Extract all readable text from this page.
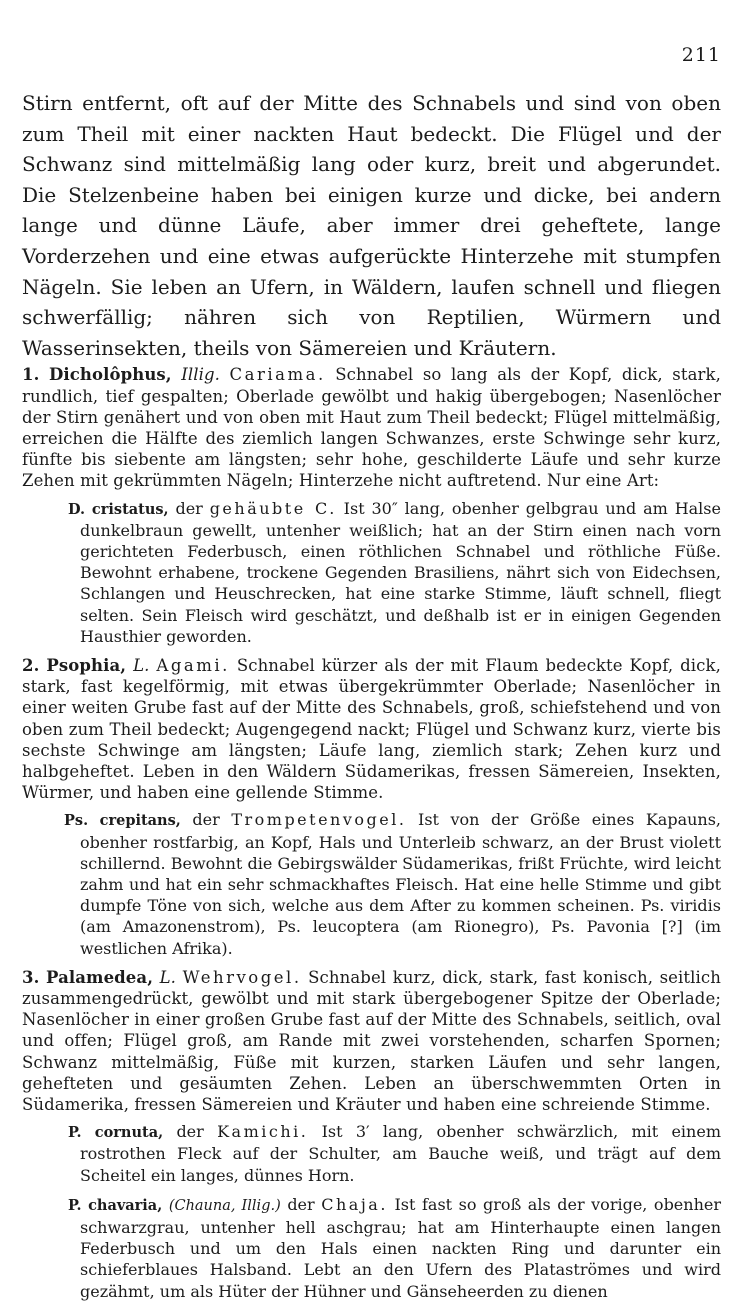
211

Stirn entfernt, oft auf der Mitte des Schnabels und sind von oben zum Theil mit einer nackten Haut bedeckt. Die Flügel und der Schwanz sind mittelmäßig lang oder kurz, breit und abgerundet. Die Stelzenbeine haben bei einigen kurze und dicke, bei andern lange und dünne Läufe, aber immer drei geheftete, lange Vorderzehen und eine etwas aufgerückte Hinterzehe mit stumpfen Nägeln. Sie leben an Ufern, in Wäldern, laufen schnell und fliegen schwerfällig; nähren sich von Reptilien, Würmern und Wasserinsekten, theils von Sämereien und Kräutern.

1. Dicholôphus, Illig. Cariama. Schnabel so lang als der Kopf, dick, stark, rundlich, tief gespalten; Oberlade gewölbt und hakig übergebogen; Nasenlöcher der Stirn genähert und von oben mit Haut zum Theil bedeckt; Flügel mittelmäßig, erreichen die Hälfte des ziemlich langen Schwanzes, erste Schwinge sehr kurz, fünfte bis siebente am längsten; sehr hohe, geschilderte Läufe und sehr kurze Zehen mit gekrümmten Nägeln; Hinterzehe nicht auftretend. Nur eine Art:

D. cristatus, der gehäubte C. Ist 30″ lang, obenher gelbgrau und am Halse dunkelbraun gewellt, untenher weißlich; hat an der Stirn einen nach vorn gerichteten Federbusch, einen röthlichen Schnabel und röthliche Füße. Bewohnt erhabene, trockene Gegenden Brasiliens, nährt sich von Eidechsen, Schlangen und Heuschrecken, hat eine starke Stimme, läuft schnell, fliegt selten. Sein Fleisch wird geschätzt, und deßhalb ist er in einigen Gegenden Hausthier geworden.

2. Psophia, L. Agami. Schnabel kürzer als der mit Flaum bedeckte Kopf, dick, stark, fast kegelförmig, mit etwas übergekrümmter Oberlade; Nasenlöcher in einer weiten Grube fast auf der Mitte des Schnabels, groß, schiefstehend und von oben zum Theil bedeckt; Augengegend nackt; Flügel und Schwanz kurz, vierte bis sechste Schwinge am längsten; Läufe lang, ziemlich stark; Zehen kurz und halbgeheftet. Leben in den Wäldern Südamerikas, fressen Sämereien, Insekten, Würmer, und haben eine gellende Stimme.

Ps. crepitans, der Trompetenvogel. Ist von der Größe eines Kapauns, obenher rostfarbig, an Kopf, Hals und Unterleib schwarz, an der Brust violett schillernd. Bewohnt die Gebirgswälder Südamerikas, frißt Früchte, wird leicht zahm und hat ein sehr schmackhaftes Fleisch. Hat eine helle Stimme und gibt dumpfe Töne von sich, welche aus dem After zu kommen scheinen. Ps. viridis (am Amazonenstrom), Ps. leucoptera (am Rionegro), Ps. Pavonia [?] (im westlichen Afrika).

3. Palamedea, L. Wehrvogel. Schnabel kurz, dick, stark, fast konisch, seitlich zusammengedrückt, gewölbt und mit stark übergebogener Spitze der Oberlade; Nasenlöcher in einer großen Grube fast auf der Mitte des Schnabels, seitlich, oval und offen; Flügel groß, am Rande mit zwei vorstehenden, scharfen Spornen; Schwanz mittelmäßig, Füße mit kurzen, starken Läufen und sehr langen, gehefteten und gesäumten Zehen. Leben an überschwemmten Orten in Südamerika, fressen Sämereien und Kräuter und haben eine schreiende Stimme.

P. cornuta, der Kamichi. Ist 3′ lang, obenher schwärzlich, mit einem rostrothen Fleck auf der Schulter, am Bauche weiß, und trägt auf dem Scheitel ein langes, dünnes Horn.

P. chavaria, (Chauna, Illig.) der Chaja. Ist fast so groß als der vorige, obenher schwarzgrau, untenher hell aschgrau; hat am Hinterhaupte einen langen Federbusch und um den Hals einen nackten Ring und darunter ein schieferblaues Halsband. Lebt an den Ufern des Plataströmes und wird gezähmt, um als Hüter der Hühner und Gänseheerden zu dienen
